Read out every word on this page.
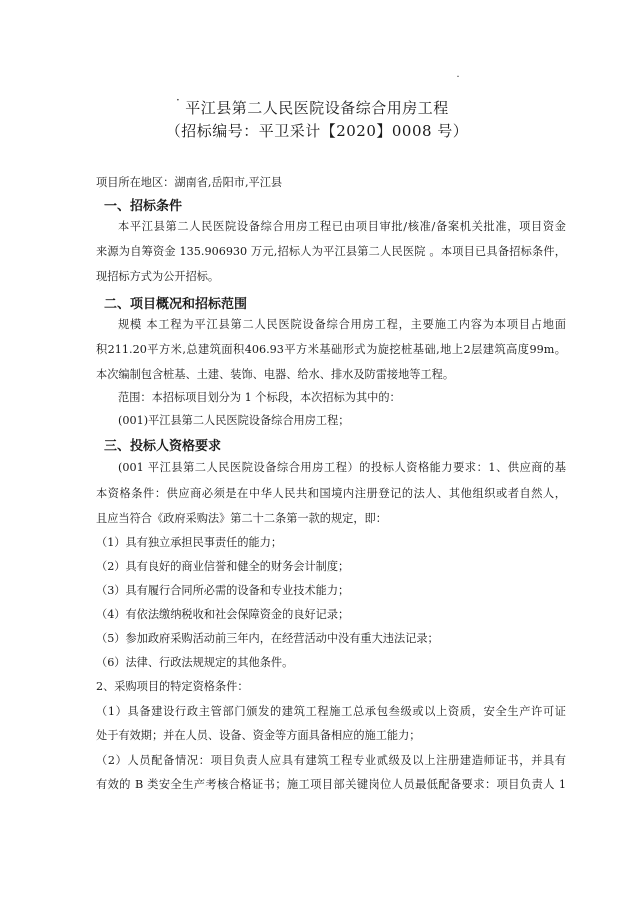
˙
· 平江县第二人民医院设备综合用房工程
（招标编号：平卫采计【2020】0008 号）
项目所在地区：湖南省,岳阳市,平江县
一、招标条件
本平江县第二人民医院设备综合用房工程已由项目审批/核准/备案机关批准，项目资金
来源为自筹资金 135.906930 万元,招标人为平江县第二人民医院 。本项目已具备招标条件，
现招标方式为公开招标。
二、项目概况和招标范围
规模 本工程为平江县第二人民医院设备综合用房工程，主要施工内容为本项目占地面
积211.20平方米,总建筑面积406.93平方米基础形式为旋挖桩基础,地上2层建筑高度99m。
本次编制包含桩基、土建、装饰、电器、给水、排水及防雷接地等工程。
范围：本招标项目划分为 1 个标段，本次招标为其中的：
(001)平江县第二人民医院设备综合用房工程；
三、投标人资格要求
(001 平江县第二人民医院设备综合用房工程）的投标人资格能力要求：1、供应商的基
本资格条件：供应商必须是在中华人民共和国境内注册登记的法人、其他组织或者自然人，
且应当符合《政府采购法》第二十二条第一款的规定，即：
（1）具有独立承担民事责任的能力；
（2）具有良好的商业信誉和健全的财务会计制度；
（3）具有履行合同所必需的设备和专业技术能力；
（4）有依法缴纳税收和社会保障资金的良好记录；
（5）参加政府采购活动前三年内，在经营活动中没有重大违法记录；
（6）法律、行政法规规定的其他条件。
2、采购项目的特定资格条件：
（1）具备建设行政主管部门颁发的建筑工程施工总承包叁级或以上资质，安全生产许可证
处于有效期；并在人员、设备、资金等方面具备相应的施工能力；
（2）人员配备情况：项目负责人应具有建筑工程专业贰级及以上注册建造师证书，并具有
有效的 B 类安全生产考核合格证书；施工项目部关键岗位人员最低配备要求：项目负责人 1
